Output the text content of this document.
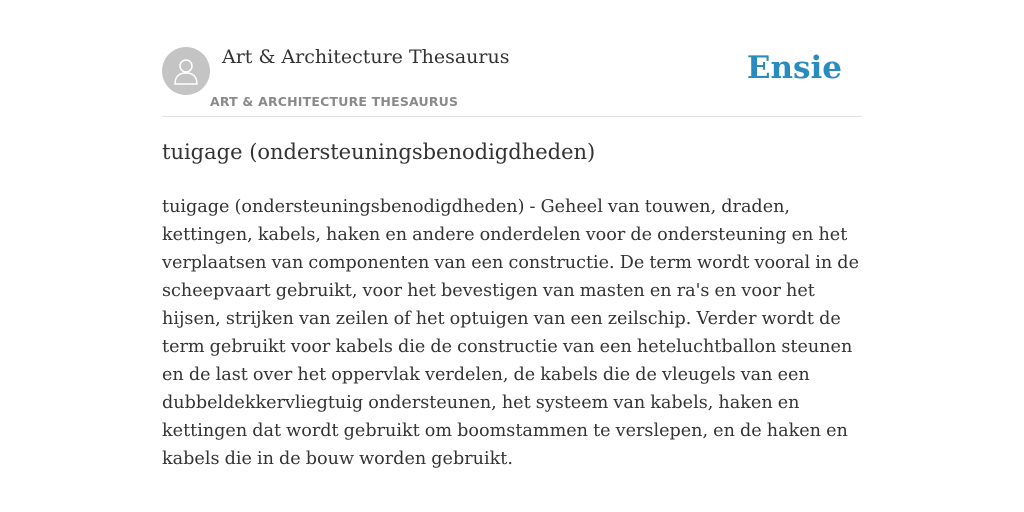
Art & Architecture Thesaurus
ART & ARCHITECTURE THESAURUS
Ensie
tuigage (ondersteuningsbenodigdheden)

tuigage (ondersteuningsbenodigdheden) - Geheel van touwen, draden, kettingen, kabels, haken en andere onderdelen voor de ondersteuning en het verplaatsen van componenten van een constructie. De term wordt vooral in de scheepvaart gebruikt, voor het bevestigen van masten en ra's en voor het hijsen, strijken van zeilen of het optuigen van een zeilschip. Verder wordt de term gebruikt voor kabels die de constructie van een heteluchtballon steunen en de last over het oppervlak verdelen, de kabels die de vleugels van een dubbeldekkervliegtuig ondersteunen, het systeem van kabels, haken en kettingen dat wordt gebruikt om boomstammen te verslepen, en de haken en kabels die in de bouw worden gebruikt.
